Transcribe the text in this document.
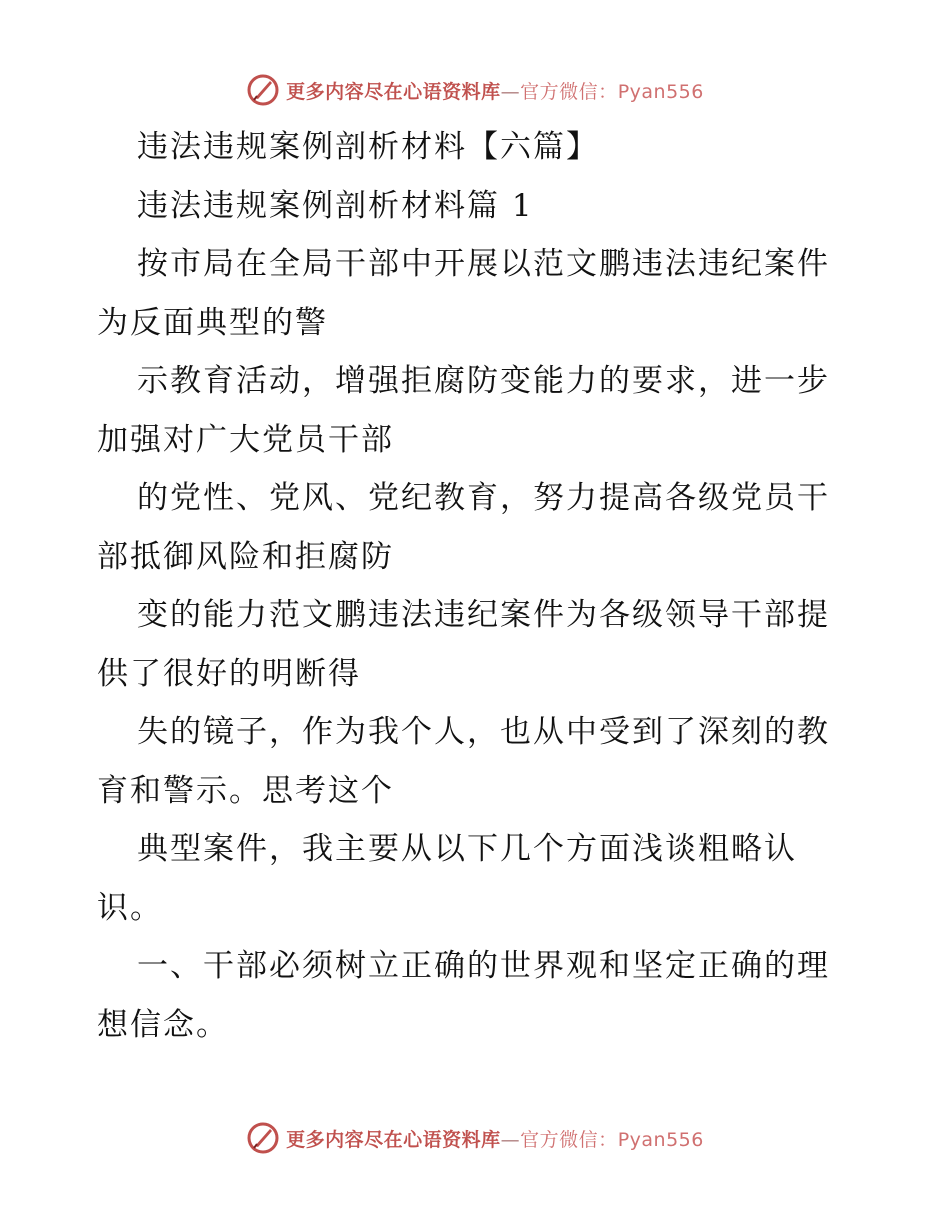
更多内容尽在心语资料库—官方微信：Pyan556
违法违规案例剖析材料【六篇】
违法违规案例剖析材料篇 1
按市局在全局干部中开展以范文鹏违法违纪案件
为反面典型的警
示教育活动，增强拒腐防变能力的要求，进一步
加强对广大党员干部
的党性、党风、党纪教育，努力提高各级党员干
部抵御风险和拒腐防
变的能力范文鹏违法违纪案件为各级领导干部提
供了很好的明断得
失的镜子，作为我个人，也从中受到了深刻的教
育和警示。思考这个
典型案件，我主要从以下几个方面浅谈粗略认
识。
一、干部必须树立正确的世界观和坚定正确的理
想信念。
更多内容尽在心语资料库—官方微信：Pyan556
